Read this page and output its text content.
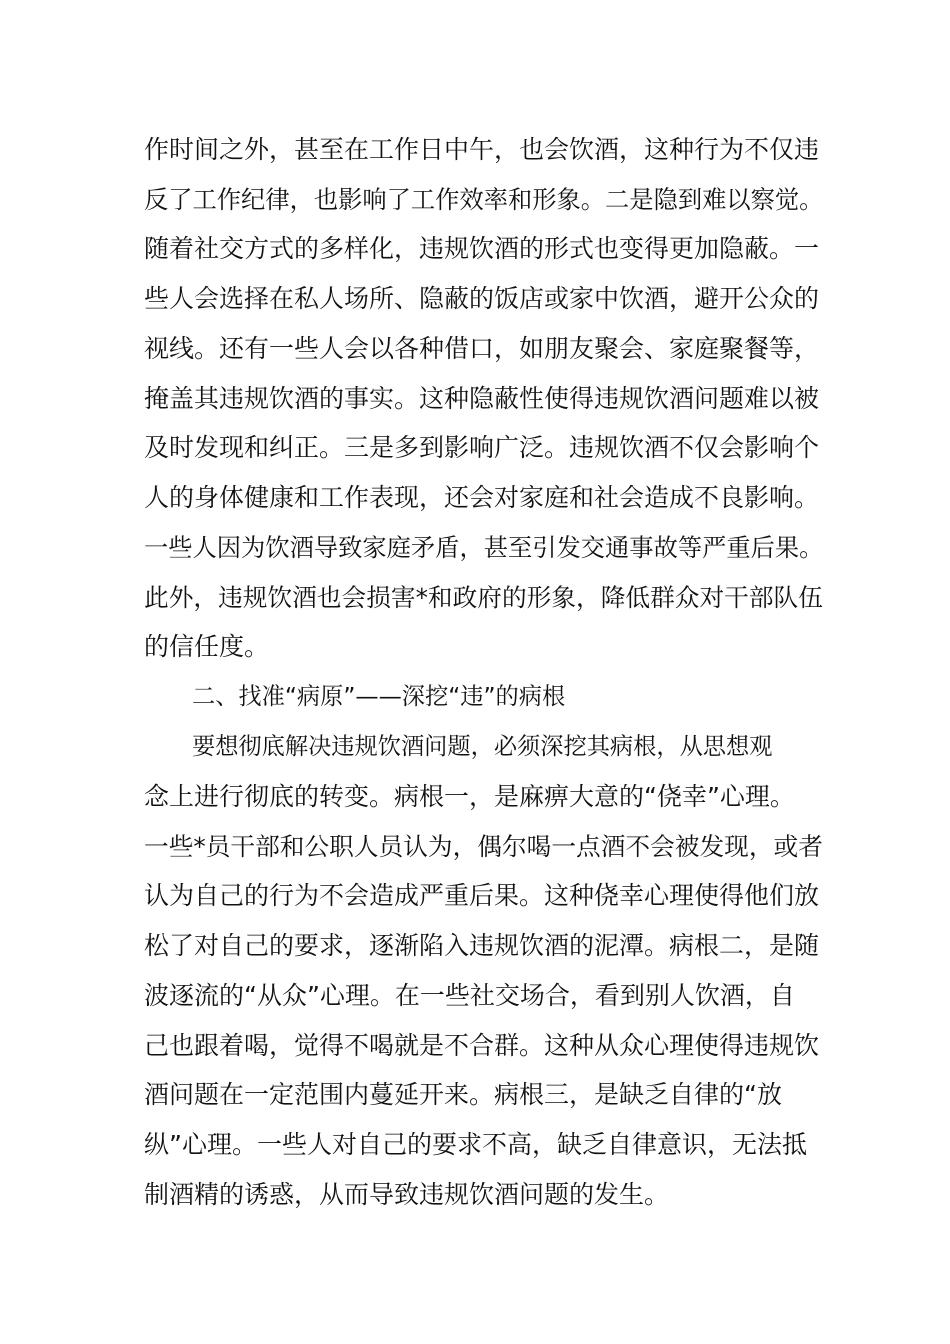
作时间之外，甚至在工作日中午，也会饮酒，这种行为不仅违
反了工作纪律，也影响了工作效率和形象。二是隐到难以察觉。
随着社交方式的多样化，违规饮酒的形式也变得更加隐蔽。一
些人会选择在私人场所、隐蔽的饭店或家中饮酒，避开公众的
视线。还有一些人会以各种借口，如朋友聚会、家庭聚餐等，
掩盖其违规饮酒的事实。这种隐蔽性使得违规饮酒问题难以被
及时发现和纠正。三是多到影响广泛。违规饮酒不仅会影响个
人的身体健康和工作表现，还会对家庭和社会造成不良影响。
一些人因为饮酒导致家庭矛盾，甚至引发交通事故等严重后果。
此外，违规饮酒也会损害*和政府的形象，降低群众对干部队伍
的信任度。
二、找准“病原”——深挖“违”的病根
要想彻底解决违规饮酒问题，必须深挖其病根，从思想观
念上进行彻底的转变。病根一，是麻痹大意的“侥幸”心理。
一些*员干部和公职人员认为，偶尔喝一点酒不会被发现，或者
认为自己的行为不会造成严重后果。这种侥幸心理使得他们放
松了对自己的要求，逐渐陷入违规饮酒的泥潭。病根二，是随
波逐流的“从众”心理。在一些社交场合，看到别人饮酒，自
己也跟着喝，觉得不喝就是不合群。这种从众心理使得违规饮
酒问题在一定范围内蔓延开来。病根三，是缺乏自律的“放
纵”心理。一些人对自己的要求不高，缺乏自律意识，无法抵
制酒精的诱惑，从而导致违规饮酒问题的发生。
